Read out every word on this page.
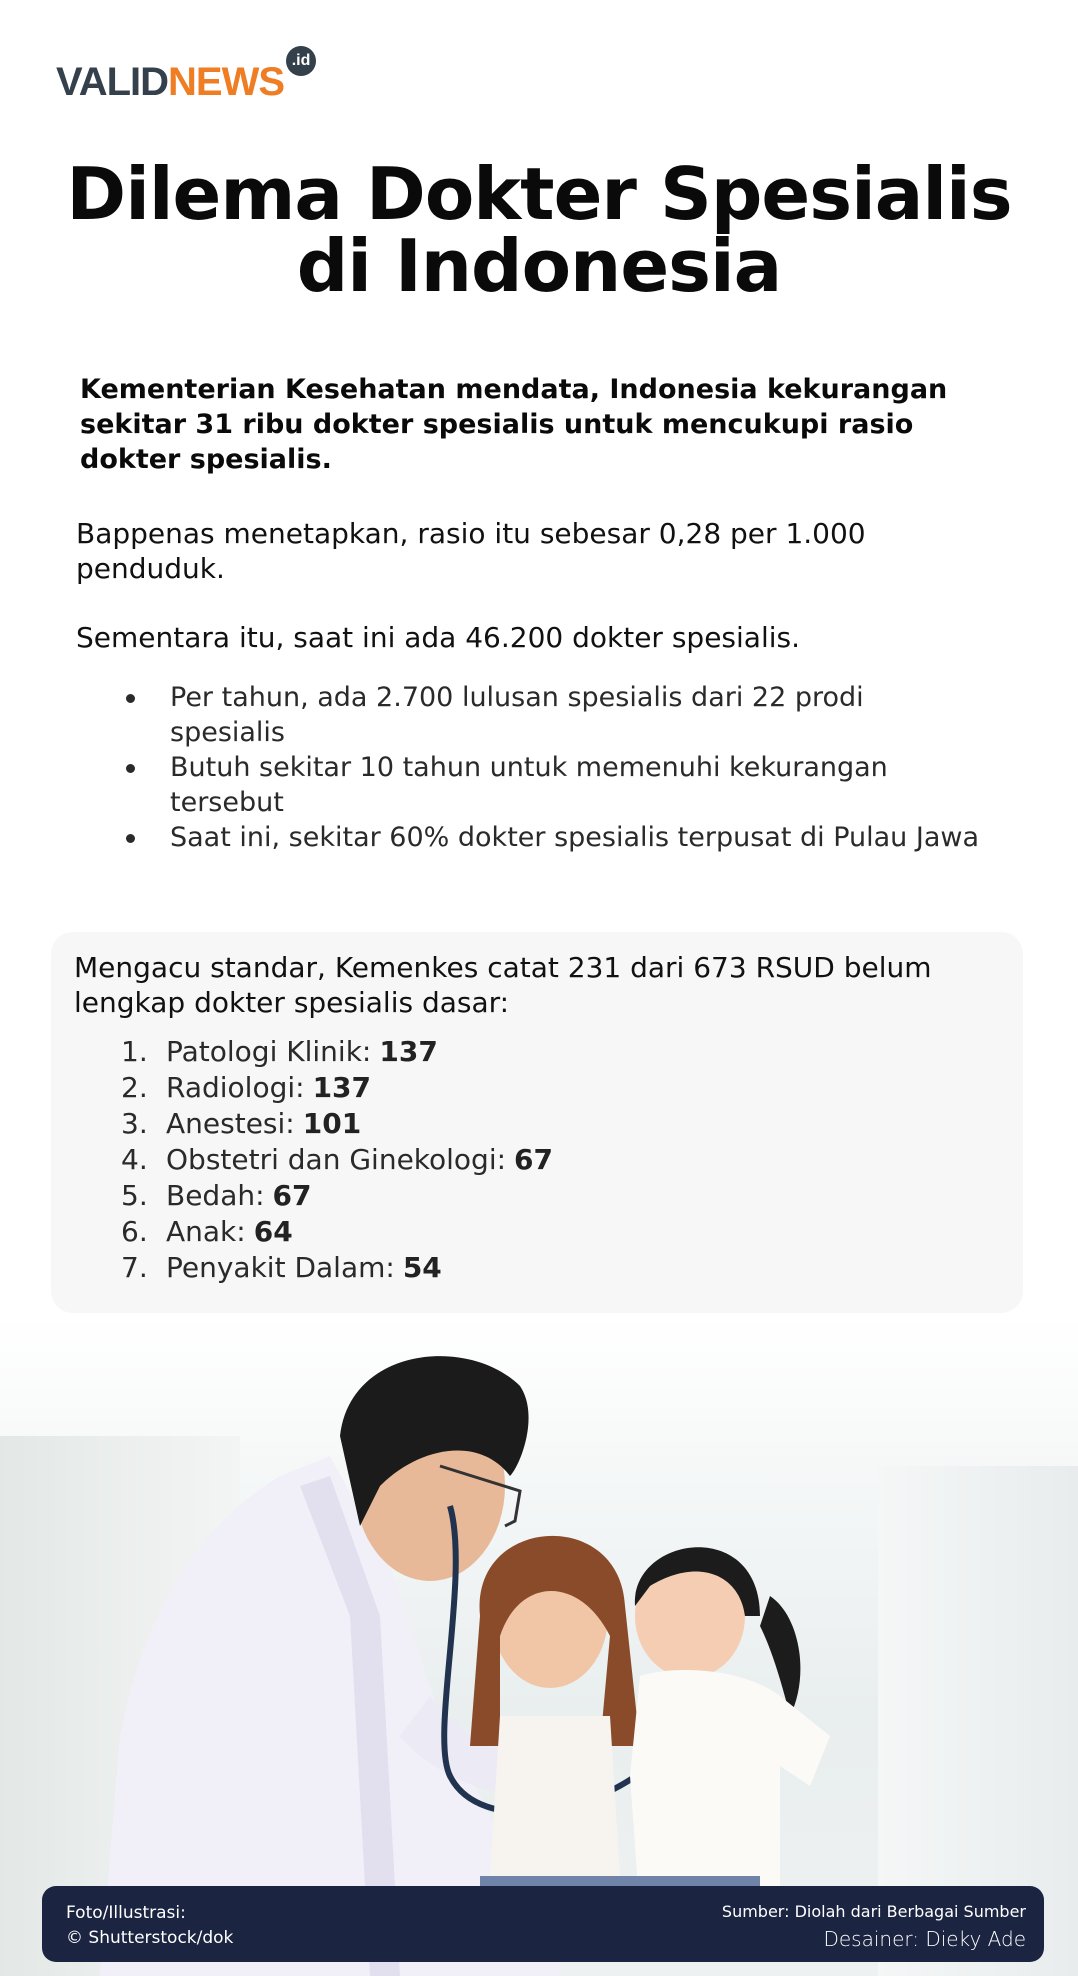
VALID NEWS .id
Dilema Dokter Spesialis
di Indonesia

Kementerian Kesehatan mendata, Indonesia kekurangan sekitar 31 ribu dokter spesialis untuk mencukupi rasio dokter spesialis.

Bappenas menetapkan, rasio itu sebesar 0,28 per 1.000 penduduk.

Sementara itu, saat ini ada 46.200 dokter spesialis.

Per tahun, ada 2.700 lulusan spesialis dari 22 prodi spesialis
Butuh sekitar 10 tahun untuk memenuhi kekurangan tersebut
Saat ini, sekitar 60% dokter spesialis terpusat di Pulau Jawa

Mengacu standar, Kemenkes catat 231 dari 673 RSUD belum lengkap dokter spesialis dasar:

1. Patologi Klinik: 137
2. Radiologi: 137
3. Anestesi: 101
4. Obstetri dan Ginekologi: 67
5. Bedah: 67
6. Anak: 64
7. Penyakit Dalam: 54
Foto/Illustrasi:
© Shutterstock/dok
Sumber: Diolah dari Berbagai Sumber
Desainer: Dieky Ade
